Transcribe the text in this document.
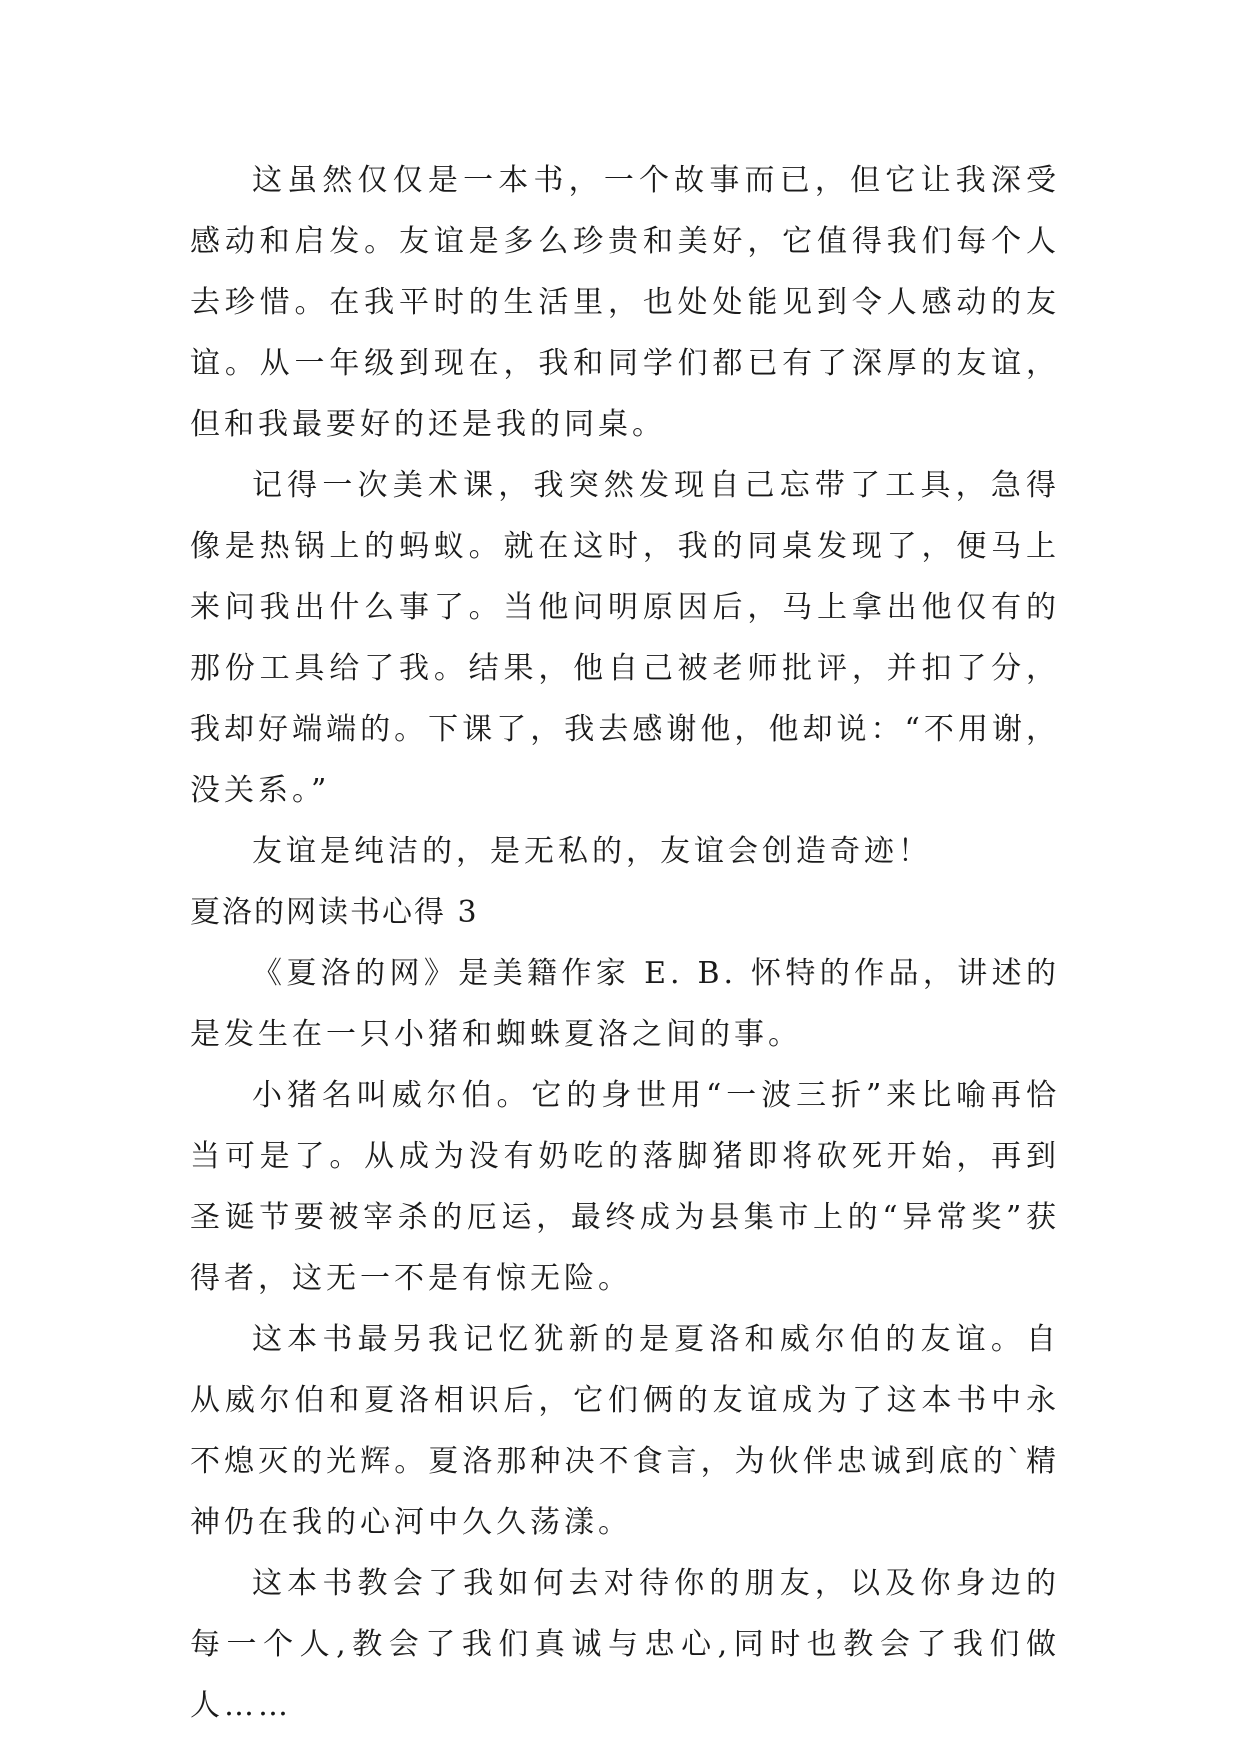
这虽然仅仅是一本书，一个故事而已，但它让我深受感动和启发。友谊是多么珍贵和美好，它值得我们每个人去珍惜。在我平时的生活里，也处处能见到令人感动的友谊。从一年级到现在，我和同学们都已有了深厚的友谊，但和我最要好的还是我的同桌。

记得一次美术课，我突然发现自己忘带了工具，急得像是热锅上的蚂蚁。就在这时，我的同桌发现了，便马上来问我出什么事了。当他问明原因后，马上拿出他仅有的那份工具给了我。结果，他自己被老师批评，并扣了分，我却好端端的。下课了，我去感谢他，他却说：“不用谢，没关系。”

友谊是纯洁的，是无私的，友谊会创造奇迹！

夏洛的网读书心得 3

《夏洛的网》是美籍作家 E. B. 怀特的作品，讲述的是发生在一只小猪和蜘蛛夏洛之间的事。

小猪名叫威尔伯。它的身世用“一波三折”来比喻再恰当可是了。从成为没有奶吃的落脚猪即将砍死开始，再到圣诞节要被宰杀的厄运，最终成为县集市上的“异常奖”获得者，这无一不是有惊无险。

这本书最另我记忆犹新的是夏洛和威尔伯的友谊。自从威尔伯和夏洛相识后，它们俩的友谊成为了这本书中永不熄灭的光辉。夏洛那种决不食言，为伙伴忠诚到底的`精神仍在我的心河中久久荡漾。

这本书教会了我如何去对待你的朋友，以及你身边的每一个人,教会了我们真诚与忠心,同时也教会了我们做人……
